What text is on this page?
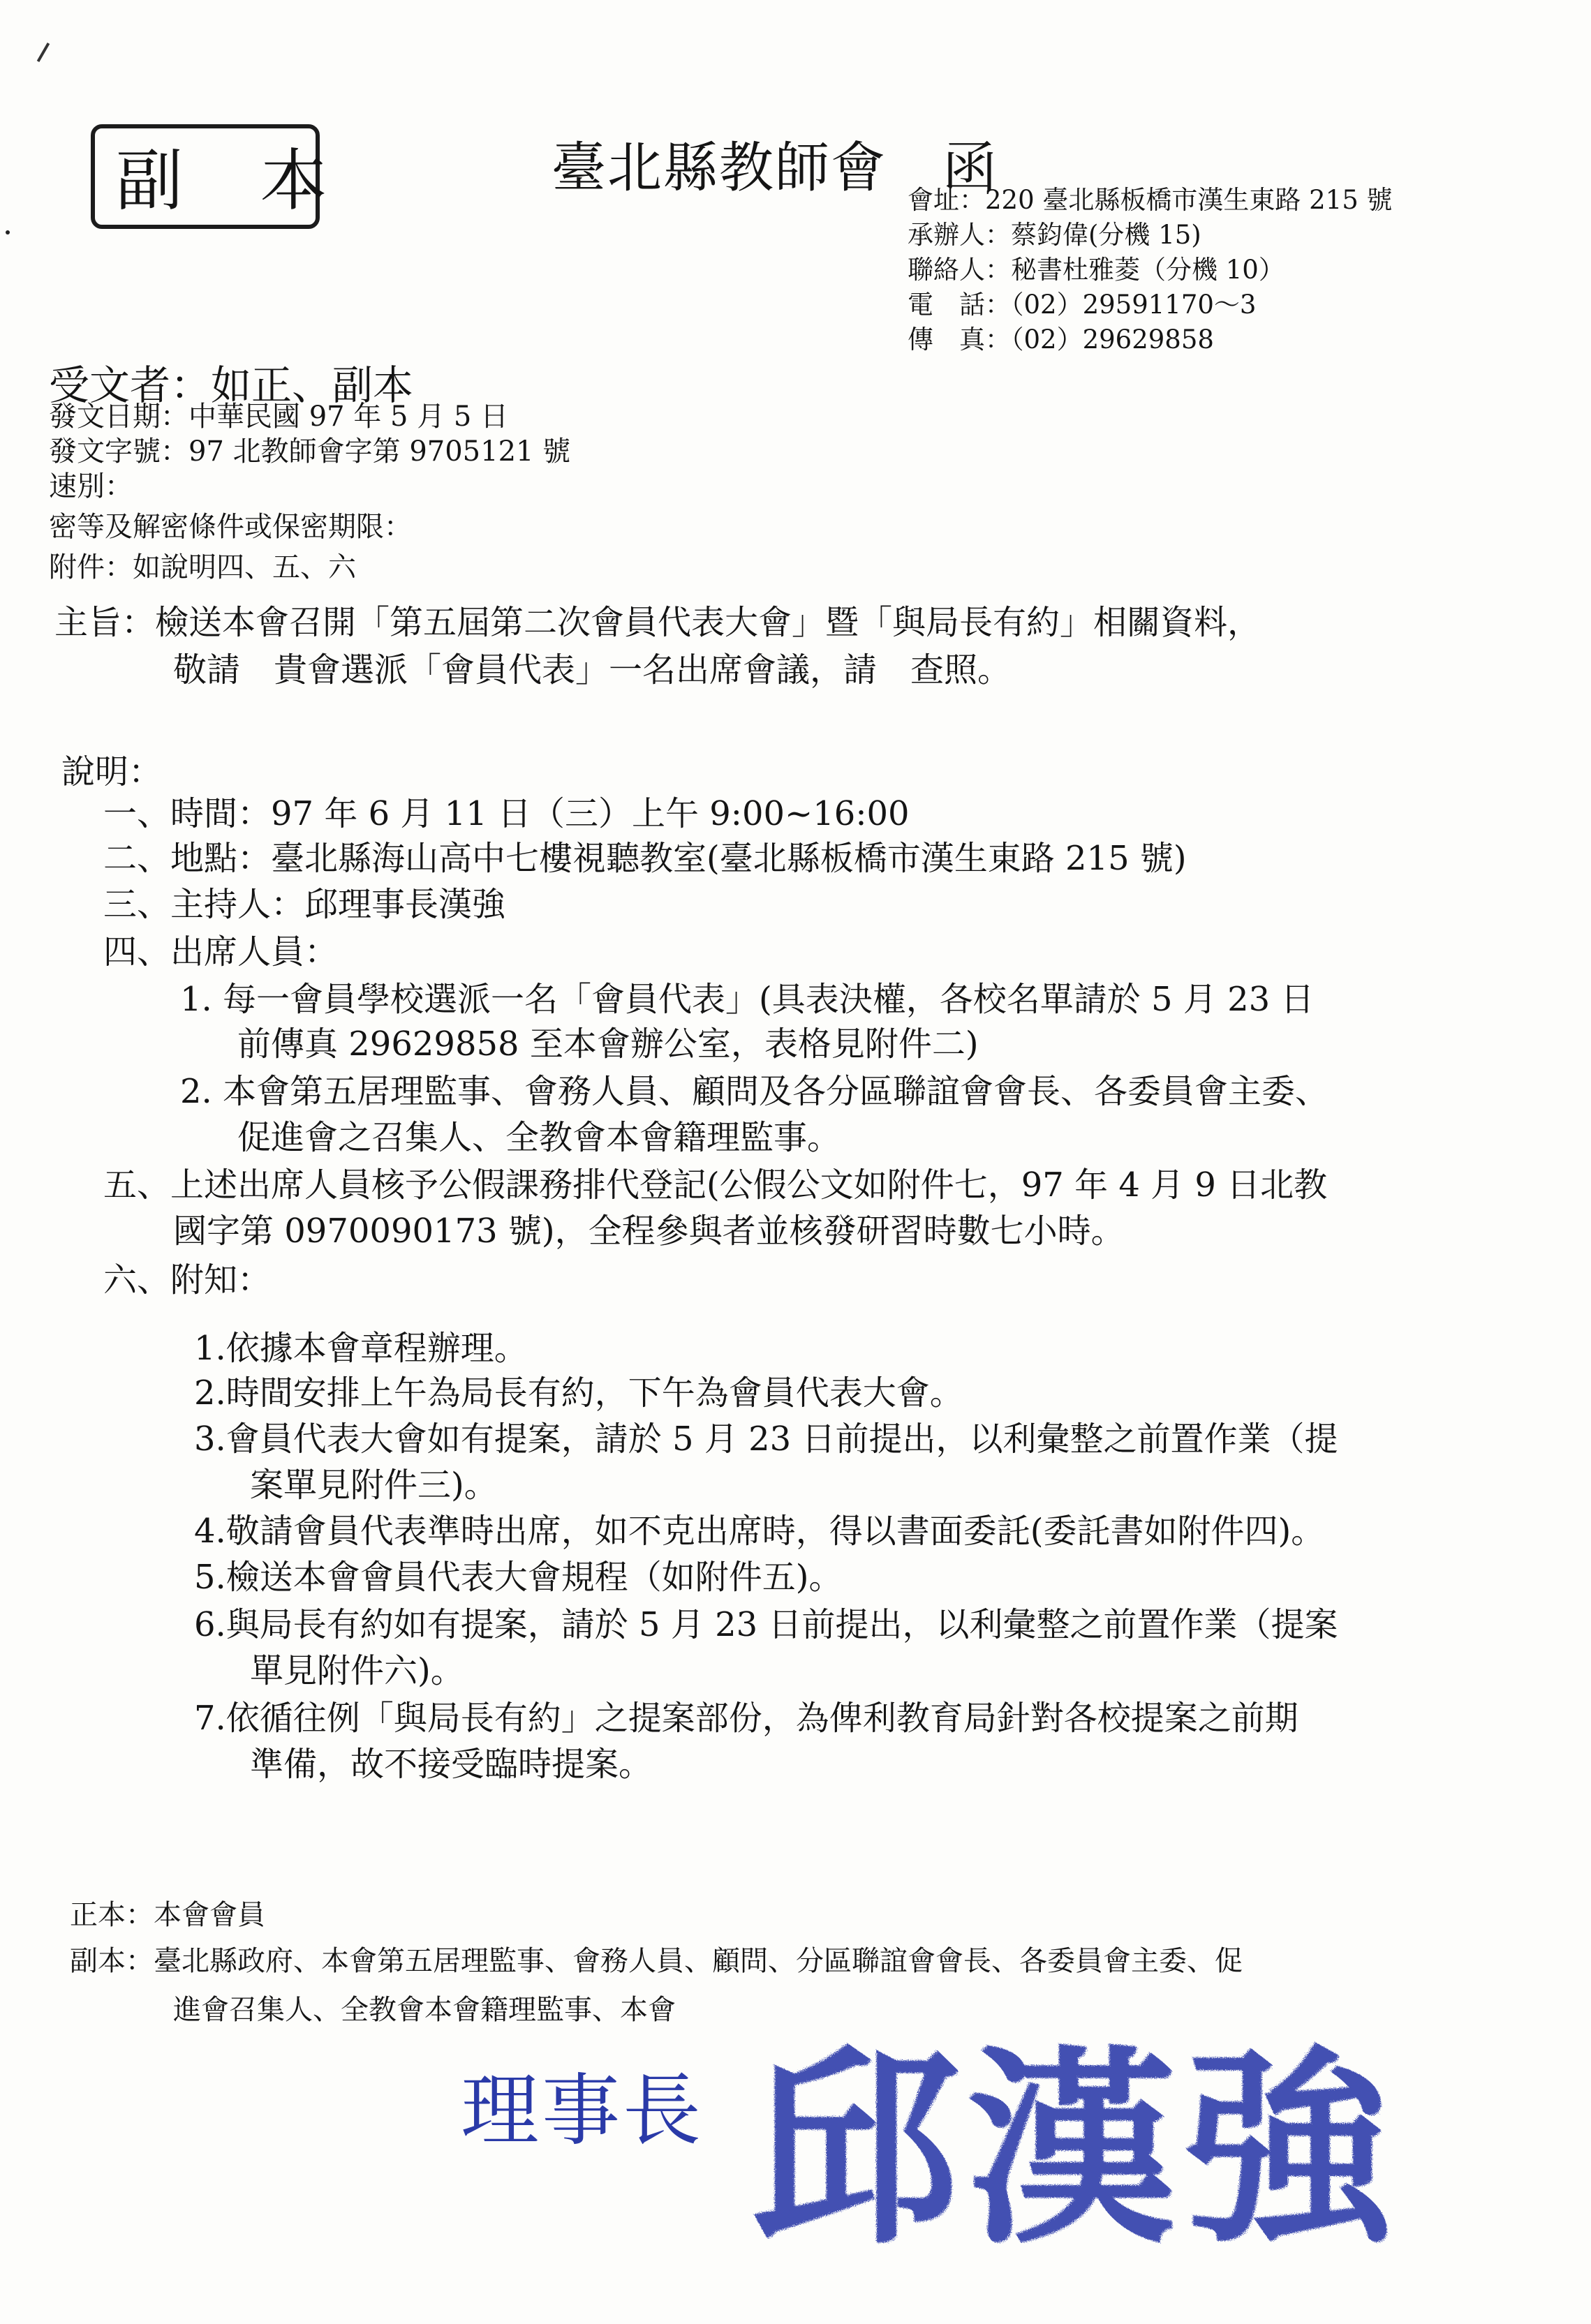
副 本	臺北縣教師會　函
會址：220 臺北縣板橋市漢生東路 215 號
承辦人：蔡鈞偉(分機 15)
聯絡人：秘書杜雅菱（分機 10）
電　話：（02）29591170～3
傳　真：（02）29629858
受文者：如正、副本
發文日期：中華民國 97 年 5 月 5 日
發文字號：97 北教師會字第 9705121 號
速別：
密等及解密條件或保密期限：
附件：如說明四、五、六
主旨：檢送本會召開「第五屆第二次會員代表大會」暨「與局長有約」相關資料，
敬請　貴會選派「會員代表」一名出席會議，請　查照。
說明：
一、時間：97 年 6 月 11 日（三）上午 9:00~16:00
二、地點：臺北縣海山高中七樓視聽教室(臺北縣板橋市漢生東路 215 號)
三、主持人：邱理事長漢強
四、出席人員：
1. 每一會員學校選派一名「會員代表」(具表決權，各校名單請於 5 月 23 日
前傳真 29629858 至本會辦公室，表格見附件二)
2. 本會第五居理監事、會務人員、顧問及各分區聯誼會會長、各委員會主委、
促進會之召集人、全教會本會籍理監事。
五、上述出席人員核予公假課務排代登記(公假公文如附件七，97 年 4 月 9 日北教
國字第 0970090173 號)，全程參與者並核發研習時數七小時。
六、附知：
1.依據本會章程辦理。
2.時間安排上午為局長有約，下午為會員代表大會。
3.會員代表大會如有提案，請於 5 月 23 日前提出，以利彙整之前置作業（提
案單見附件三)。
4.敬請會員代表準時出席，如不克出席時，得以書面委託(委託書如附件四)。
5.檢送本會會員代表大會規程（如附件五)。
6.與局長有約如有提案，請於 5 月 23 日前提出，以利彙整之前置作業（提案
單見附件六)。
7.依循往例「與局長有約」之提案部份，為俾利教育局針對各校提案之前期
準備，故不接受臨時提案。
正本：本會會員
副本：臺北縣政府、本會第五居理監事、會務人員、顧問、分區聯誼會會長、各委員會主委、促
進會召集人、全教會本會籍理監事、本會
理事長 邱漢強
